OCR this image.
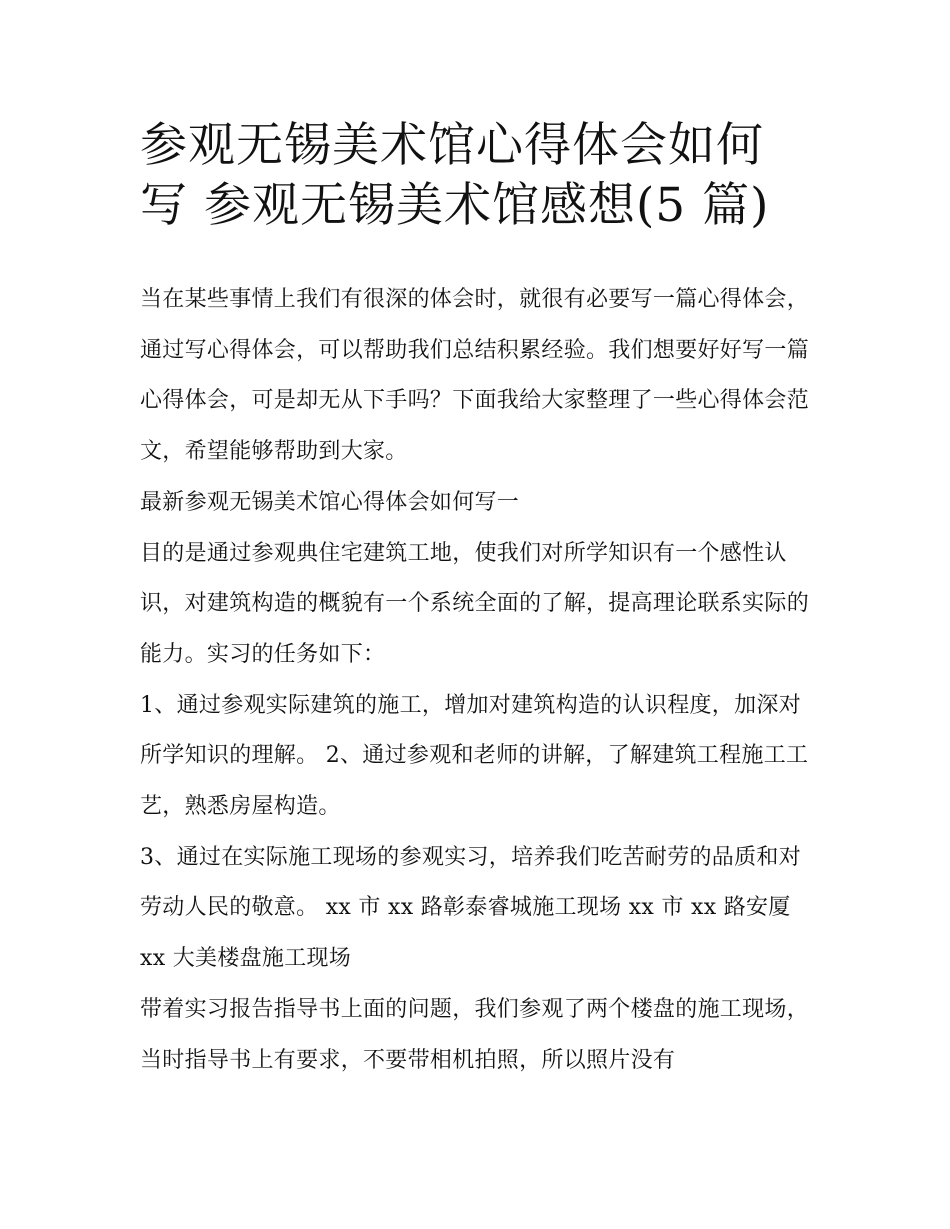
参观无锡美术馆心得体会如何
写 参观无锡美术馆感想(5 篇)

当在某些事情上我们有很深的体会时，就很有必要写一篇心得体会，通过写心得体会，可以帮助我们总结积累经验。我们想要好好写一篇心得体会，可是却无从下手吗？下面我给大家整理了一些心得体会范文，希望能够帮助到大家。

最新参观无锡美术馆心得体会如何写一

目的是通过参观典住宅建筑工地，使我们对所学知识有一个感性认识，对建筑构造的概貌有一个系统全面的了解，提高理论联系实际的能力。实习的任务如下：

1、通过参观实际建筑的施工，增加对建筑构造的认识程度，加深对所学知识的理解。 2、通过参观和老师的讲解，了解建筑工程施工工艺，熟悉房屋构造。

3、通过在实际施工现场的参观实习，培养我们吃苦耐劳的品质和对劳动人民的敬意。 xx 市 xx 路彰泰睿城施工现场 xx 市 xx 路安厦 xx 大美楼盘施工现场

带着实习报告指导书上面的问题，我们参观了两个楼盘的施工现场，当时指导书上有要求，不要带相机拍照，所以照片没有
